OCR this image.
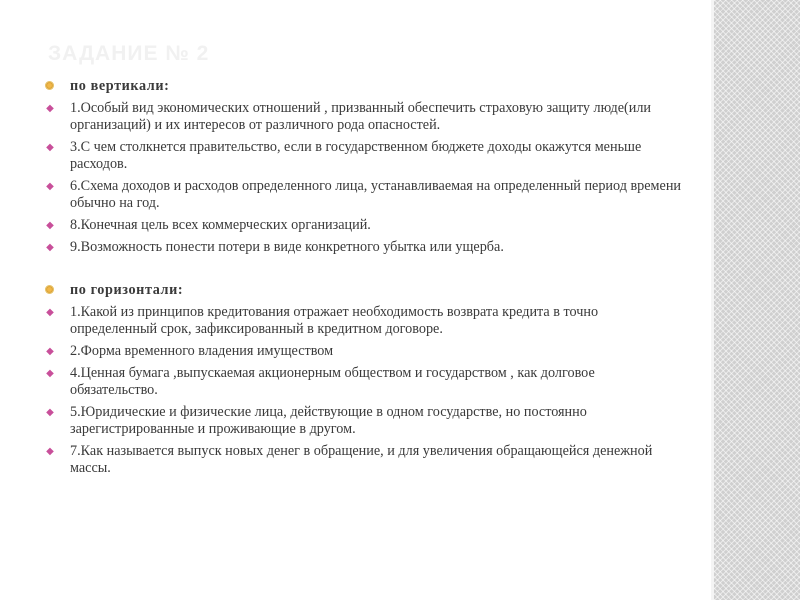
ЗАДАНИЕ № 2
по вертикали:
◆ 1.Особый вид экономических отношений , призванный обеспечить страховую защиту люде(или организаций) и их интересов от различного рода опасностей.
◆ 3.С чем столкнется правительство, если в государственном бюджете доходы окажутся меньше расходов.
◆ 6.Схема доходов и расходов определенного лица, устанавливаемая на определенный период времени обычно на год.
◆ 8.Конечная цель всех коммерческих организаций.
◆ 9.Возможность понести потери в виде конкретного убытка или ущерба.
по горизонтали:
◆ 1.Какой из принципов кредитования отражает необходимость возврата кредита в точно определенный срок, зафиксированный в кредитном договоре.
◆ 2.Форма временного владения имуществом
◆ 4.Ценная бумага ,выпускаемая акционерным обществом и государством , как долговое обязательство.
◆ 5.Юридические и физические лица, действующие в одном государстве, но постоянно зарегистрированные и проживающие в другом.
◆ 7.Как называется выпуск новых денег в обращение, и для увеличения обращающейся денежной массы.
